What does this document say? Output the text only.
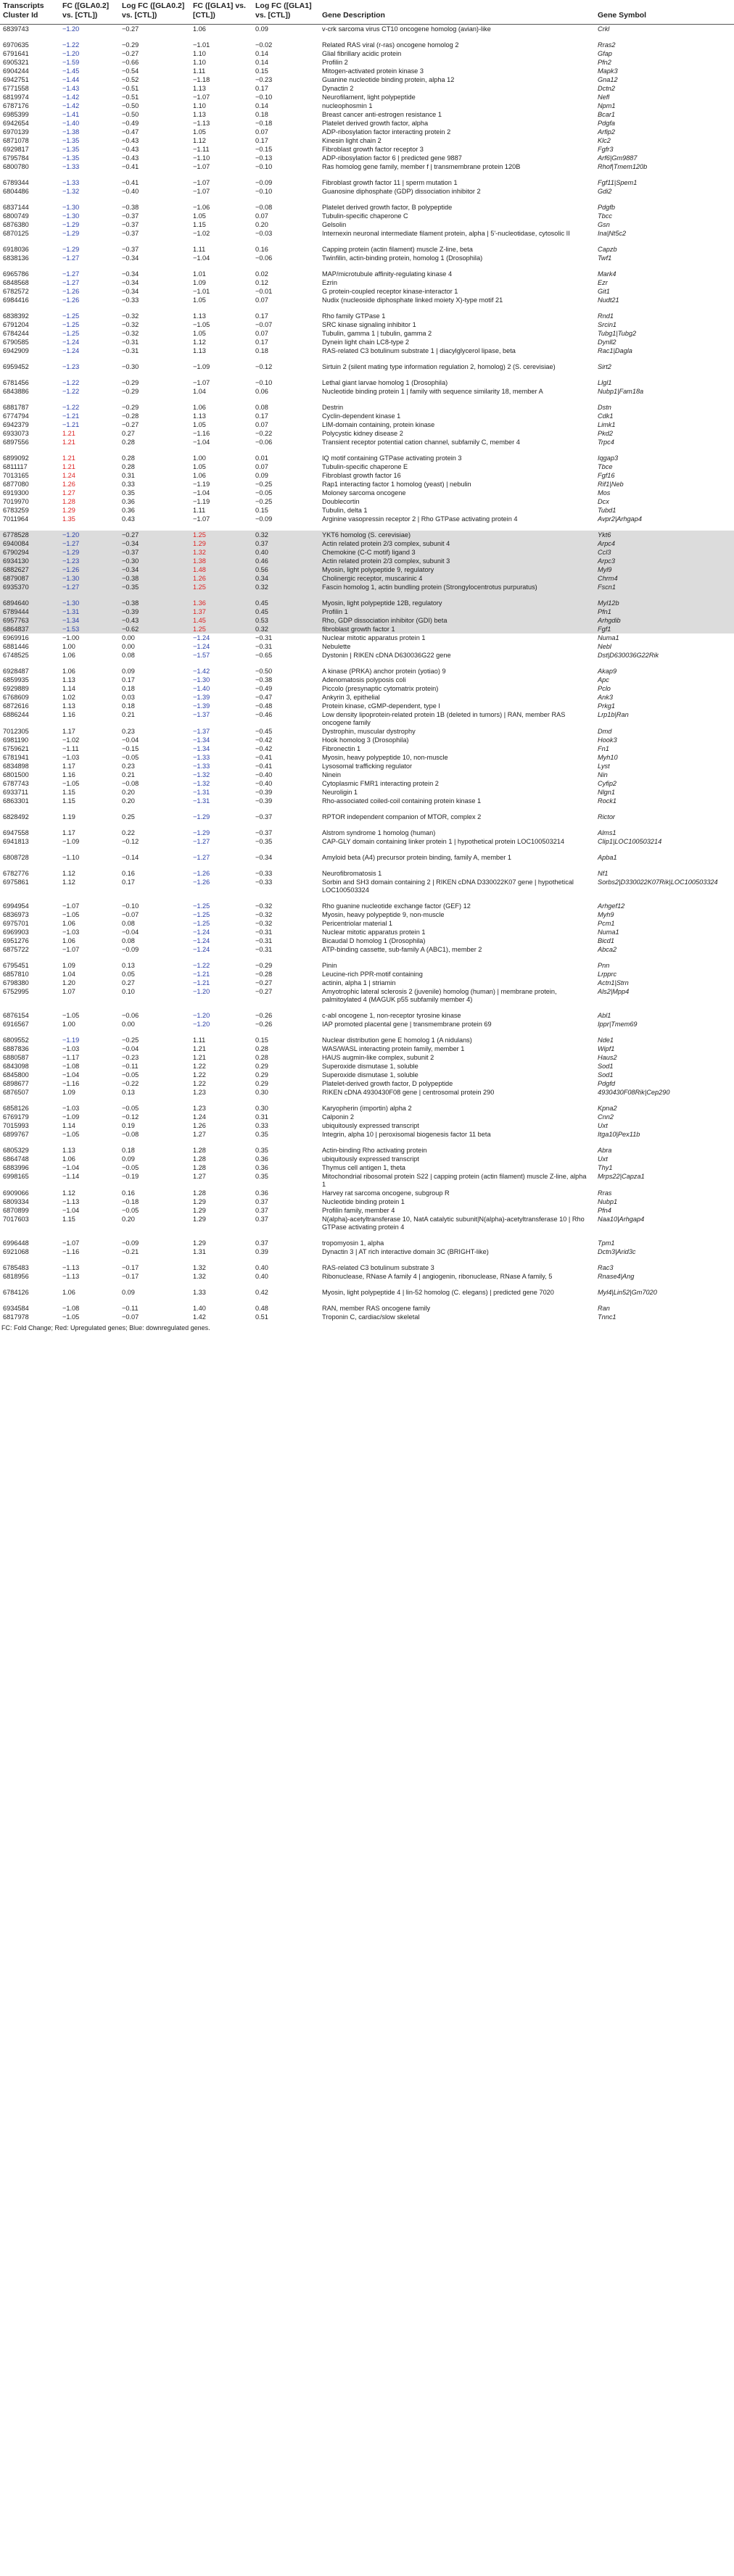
Transcripts Cluster Id	FC ([GLA0.2] vs. [CTL])	Log FC ([GLA0.2] vs. [CTL])	FC ([GLA1] vs. [CTL])	Log FC ([GLA1] vs. [CTL])	Gene Description	Gene Symbol
6839743	−1.20	−0.27	1.06	0.09	v-crk sarcoma virus CT10 oncogene homolog (avian)-like	Crkl
6970635	−1.22	−0.29	−1.01	−0.02	Related RAS viral (r-ras) oncogene homolog 2	Rras2
6791641	−1.20	−0.27	1.10	0.14	Glial fibrillary acidic protein	Gfap
6905321	−1.59	−0.66	1.10	0.14	Profilin 2	Pfn2
6904244	−1.45	−0.54	1.11	0.15	Mitogen-activated protein kinase 3	Mapk3
6942751	−1.44	−0.52	−1.18	−0.23	Guanine nucleotide binding protein, alpha 12	Gna12
6771558	−1.43	−0.51	1.13	0.17	Dynactin 2	Dctn2
6819974	−1.42	−0.51	−1.07	−0.10	Neurofilament, light polypeptide	Nefl
6787176	−1.42	−0.50	1.10	0.14	nucleophosmin 1	Npm1
6985399	−1.41	−0.50	1.13	0.18	Breast cancer anti-estrogen resistance 1	Bcar1
6942654	−1.40	−0.49	−1.13	−0.18	Platelet derived growth factor, alpha	Pdgfa
6970139	−1.38	−0.47	1.05	0.07	ADP-ribosylation factor interacting protein 2	Arfip2
6871078	−1.35	−0.43	1.12	0.17	Kinesin light chain 2	Klc2
6929817	−1.35	−0.43	−1.11	−0.15	Fibroblast growth factor receptor 3	Fgfr3
6795784	−1.35	−0.43	−1.10	−0.13	ADP-ribosylation factor 6 | predicted gene 9887	Arf6|Gm9887
6800780	−1.33	−0.41	−1.07	−0.10	Ras homolog gene family, member f | transmembrane protein 120B	Rhof|Tmem120b
6789344	−1.33	−0.41	−1.07	−0.09	Fibroblast growth factor 11 | sperm mutation 1	Fgf11|Spem1
6804486	−1.32	−0.40	−1.07	−0.10	Guanosine diphosphate (GDP) dissociation inhibitor 2	Gdi2
6837144	−1.30	−0.38	−1.06	−0.08	Platelet derived growth factor, B polypeptide	Pdgfb
6800749	−1.30	−0.37	1.05	0.07	Tubulin-specific chaperone C	Tbcc
6876380	−1.29	−0.37	1.15	0.20	Gelsolin	Gsn
6870125	−1.29	−0.37	−1.02	−0.03	Internexin neuronal intermediate filament protein, alpha | 5'-nucleotidase, cytosolic II	Ina|Nt5c2
6918036	−1.29	−0.37	1.11	0.16	Capping protein (actin filament) muscle Z-line, beta	Capzb
6838136	−1.27	−0.34	−1.04	−0.06	Twinfilin, actin-binding protein, homolog 1 (Drosophila)	Twf1
6965786	−1.27	−0.34	1.01	0.02	MAP/microtubule affinity-regulating kinase 4	Mark4
6848568	−1.27	−0.34	1.09	0.12	Ezrin	Ezr
6782572	−1.26	−0.34	−1.01	−0.01	G protein-coupled receptor kinase-interactor 1	Git1
6984416	−1.26	−0.33	1.05	0.07	Nudix (nucleoside diphosphate linked moiety X)-type motif 21	Nudt21
6838392	−1.25	−0.32	1.13	0.17	Rho family GTPase 1	Rnd1
6791204	−1.25	−0.32	−1.05	−0.07	SRC kinase signaling inhibitor 1	Srcin1
6784244	−1.25	−0.32	1.05	0.07	Tubulin, gamma 1 | tubulin, gamma 2	Tubg1|Tubg2
6790585	−1.24	−0.31	1.12	0.17	Dynein light chain LC8-type 2	Dynll2
6942909	−1.24	−0.31	1.13	0.18	RAS-related C3 botulinum substrate 1 | diacylglycerol lipase, beta	Rac1|Dagla
6959452	−1.23	−0.30	−1.09	−0.12	Sirtuin 2 (silent mating type information regulation 2, homolog) 2 (S. cerevisiae)	Sirt2
6781456	−1.22	−0.29	−1.07	−0.10	Lethal giant larvae homolog 1 (Drosophila)	Llgl1
6843886	−1.22	−0.29	1.04	0.06	Nucleotide binding protein 1 | family with sequence similarity 18, member A	Nubp1|Fam18a
6881787	−1.22	−0.29	1.06	0.08	Destrin	Dstn
6774794	−1.21	−0.28	1.13	0.17	Cyclin-dependent kinase 1	Cdk1
6942379	−1.21	−0.27	1.05	0.07	LIM-domain containing, protein kinase	Limk1
6933073	1.21	0.27	−1.16	−0.22	Polycystic kidney disease 2	Pkd2
6897556	1.21	0.28	−1.04	−0.06	Transient receptor potential cation channel, subfamily C, member 4	Trpc4
6899092	1.21	0.28	1.00	0.01	IQ motif containing GTPase activating protein 3	Iqgap3
6811117	1.21	0.28	1.05	0.07	Tubulin-specific chaperone E	Tbce
7013165	1.24	0.31	1.06	0.09	Fibroblast growth factor 16	Fgf16
6877080	1.26	0.33	−1.19	−0.25	Rap1 interacting factor 1 homolog (yeast) | nebulin	Rif1|Neb
6919300	1.27	0.35	−1.04	−0.05	Moloney sarcoma oncogene	Mos
7019970	1.28	0.36	−1.19	−0.25	Doublecortin	Dcx
6783259	1.29	0.36	1.11	0.15	Tubulin, delta 1	Tubd1
7011964	1.35	0.43	−1.07	−0.09	Arginine vasopressin receptor 2 | Rho GTPase activating protein 4	Avpr2|Arhgap4
6778528	−1.20	−0.27	1.25	0.32	YKT6 homolog (S. cerevisiae)	Ykt6
6940084	−1.27	−0.34	1.29	0.37	Actin related protein 2/3 complex, subunit 4	Arpc4
6790294	−1.29	−0.37	1.32	0.40	Chemokine (C-C motif) ligand 3	Ccl3
6934130	−1.23	−0.30	1.38	0.46	Actin related protein 2/3 complex, subunit 3	Arpc3
6882627	−1.26	−0.34	1.48	0.56	Myosin, light polypeptide 9, regulatory	Myl9
6879087	−1.30	−0.38	1.26	0.34	Cholinergic receptor, muscarinic 4	Chrm4
6935370	−1.27	−0.35	1.25	0.32	Fascin homolog 1, actin bundling protein (Strongylocentrotus purpuratus)	Fscn1
6894640	−1.30	−0.38	1.36	0.45	Myosin, light polypeptide 12B, regulatory	Myl12b
6789444	−1.31	−0.39	1.37	0.45	Profilin 1	Pfn1
6957763	−1.34	−0.43	1.45	0.53	Rho, GDP dissociation inhibitor (GDI) beta	Arhgdib
6864837	−1.53	−0.62	1.25	0.32	fibroblast growth factor 1	Fgf1
6969916	−1.00	0.00	−1.24	−0.31	Nuclear mitotic apparatus protein 1	Numa1
6881446	1.00	0.00	−1.24	−0.31	Nebulette	Nebl
6748525	1.06	0.08	−1.57	−0.65	Dystonin | RIKEN cDNA D630036G22 gene	Dst|D630036G22Rik
6928487	1.06	0.09	−1.42	−0.50	A kinase (PRKA) anchor protein (yotiao) 9	Akap9
6859935	1.13	0.17	−1.30	−0.38	Adenomatosis polyposis coli	Apc
6929889	1.14	0.18	−1.40	−0.49	Piccolo (presynaptic cytomatrix protein)	Pclo
6768609	1.02	0.03	−1.39	−0.47	Ankyrin 3, epithelial	Ank3
6872616	1.13	0.18	−1.39	−0.48	Protein kinase, cGMP-dependent, type I	Prkg1
6886244	1.16	0.21	−1.37	−0.46	Low density lipoprotein-related protein 1B (deleted in tumors) | RAN, member RAS oncogene family	Lrp1b|Ran
7012305	1.17	0.23	−1.37	−0.45	Dystrophin, muscular dystrophy	Dmd
6981190	−1.02	−0.04	−1.34	−0.42	Hook homolog 3 (Drosophila)	Hook3
6759621	−1.11	−0.15	−1.34	−0.42	Fibronectin 1	Fn1
6781941	−1.03	−0.05	−1.33	−0.41	Myosin, heavy polypeptide 10, non-muscle	Myh10
6834898	1.17	0.23	−1.33	−0.41	Lysosomal trafficking regulator	Lyst
6801500	1.16	0.21	−1.32	−0.40	Ninein	Nin
6787743	−1.05	−0.08	−1.32	−0.40	Cytoplasmic FMR1 interacting protein 2	Cyfip2
6933711	1.15	0.20	−1.31	−0.39	Neuroligin 1	Nlgn1
6863301	1.15	0.20	−1.31	−0.39	Rho-associated coiled-coil containing protein kinase 1	Rock1
6828492	1.19	0.25	−1.29	−0.37	RPTOR independent companion of MTOR, complex 2	Rictor
6947558	1.17	0.22	−1.29	−0.37	Alstrom syndrome 1 homolog (human)	Alms1
6941813	−1.09	−0.12	−1.27	−0.35	CAP-GLY domain containing linker protein 1 | hypothetical protein LOC100503214	Clip1|LOC100503214
6808728	−1.10	−0.14	−1.27	−0.34	Amyloid beta (A4) precursor protein binding, family A, member 1	Apba1
6782776	1.12	0.16	−1.26	−0.33	Neurofibromatosis 1	Nf1
6975861	1.12	0.17	−1.26	−0.33	Sorbin and SH3 domain containing 2 | RIKEN cDNA D330022K07 gene | hypothetical LOC100503324	Sorbs2|D330022K07Rik|LOC100503324
6994954	−1.07	−0.10	−1.25	−0.32	Rho guanine nucleotide exchange factor (GEF) 12	Arhgef12
6836973	−1.05	−0.07	−1.25	−0.32	Myosin, heavy polypeptide 9, non-muscle	Myh9
6975701	1.06	0.08	−1.25	−0.32	Pericentriolar material 1	Pcm1
6969903	−1.03	−0.04	−1.24	−0.31	Nuclear mitotic apparatus protein 1	Numa1
6951276	1.06	0.08	−1.24	−0.31	Bicaudal D homolog 1 (Drosophila)	Bicd1
6875722	−1.07	−0.09	−1.24	−0.31	ATP-binding cassette, sub-family A (ABC1), member 2	Abca2
6795451	1.09	0.13	−1.22	−0.29	Pinin	Pnn
6857810	1.04	0.05	−1.21	−0.28	Leucine-rich PPR-motif containing	Lrpprc
6798380	1.20	0.27	−1.21	−0.27	actinin, alpha 1 | striamin	Actn1|Strn
6752995	1.07	0.10	−1.20	−0.27	Amyotrophic lateral sclerosis 2 (juvenile) homolog (human) | membrane protein, palmitoylated 4 (MAGUK p55 subfamily member 4)	Als2|Mpp4
6876154	−1.05	−0.06	−1.20	−0.26	c-abl oncogene 1, non-receptor tyrosine kinase	Abl1
6916567	1.00	0.00	−1.20	−0.26	IAP promoted placental gene | transmembrane protein 69	Ippr|Tmem69
6809552	−1.19	−0.25	1.11	0.15	Nuclear distribution gene E homolog 1 (A nidulans)	Nde1
6887836	−1.03	−0.04	1.21	0.28	WAS/WASL interacting protein family, member 1	Wipf1
6880587	−1.17	−0.23	1.21	0.28	HAUS augmin-like complex, subunit 2	Haus2
6843098	−1.08	−0.11	1.22	0.29	Superoxide dismutase 1, soluble	Sod1
6845800	−1.04	−0.05	1.22	0.29	Superoxide dismutase 1, soluble	Sod1
6898677	−1.16	−0.22	1.22	0.29	Platelet-derived growth factor, D polypeptide	Pdgfd
6876507	1.09	0.13	1.23	0.30	RIKEN cDNA 4930430F08 gene | centrosomal protein 290	4930430F08Rik|Cep290
6858126	−1.03	−0.05	1.23	0.30	Karyopherin (importin) alpha 2	Kpna2
6769179	−1.09	−0.12	1.24	0.31	Calponin 2	Cnn2
7015993	1.14	0.19	1.26	0.33	ubiquitously expressed transcript	Uxt
6899767	−1.05	−0.08	1.27	0.35	Integrin, alpha 10 | peroxisomal biogenesis factor 11 beta	Itga10|Pex11b
6805329	1.13	0.18	1.28	0.35	Actin-binding Rho activating protein	Abra
6864748	1.06	0.09	1.28	0.36	ubiquitously expressed transcript	Uxt
6883996	−1.04	−0.05	1.28	0.36	Thymus cell antigen 1, theta	Thy1
6998165	−1.14	−0.19	1.27	0.35	Mitochondrial ribosomal protein S22 | capping protein (actin filament) muscle Z-line, alpha 1	Mrps22|Capza1
6909066	1.12	0.16	1.28	0.36	Harvey rat sarcoma oncogene, subgroup R	Rras
6809334	−1.13	−0.18	1.29	0.37	Nucleotide binding protein 1	Nubp1
6870899	−1.04	−0.05	1.29	0.37	Profilin family, member 4	Pfn4
7017603	1.15	0.20	1.29	0.37	N(alpha)-acetyltransferase 10, NatA catalytic subunit|N(alpha)-acetyltransferase 10 | Rho GTPase activating protein 4	Naa10|Arhgap4
6996448	−1.07	−0.09	1.29	0.37	tropomyosin 1, alpha	Tpm1
6921068	−1.16	−0.21	1.31	0.39	Dynactin 3 | AT rich interactive domain 3C (BRIGHT-like)	Dctn3|Arid3c
6785483	−1.13	−0.17	1.32	0.40	RAS-related C3 botulinum substrate 3	Rac3
6818956	−1.13	−0.17	1.32	0.40	Ribonuclease, RNase A family 4 | angiogenin, ribonuclease, RNase A family, 5	Rnase4|Ang
6784126	1.06	0.09	1.33	0.42	Myosin, light polypeptide 4 | lin-52 homolog (C. elegans) | predicted gene 7020	Myl4|Lin52|Gm7020
6934584	−1.08	−0.11	1.40	0.48	RAN, member RAS oncogene family	Ran
6817978	−1.05	−0.07	1.42	0.51	Troponin C, cardiac/slow skeletal	Tnnc1
FC: Fold Change; Red: Upregulated genes; Blue: downregulated genes.
